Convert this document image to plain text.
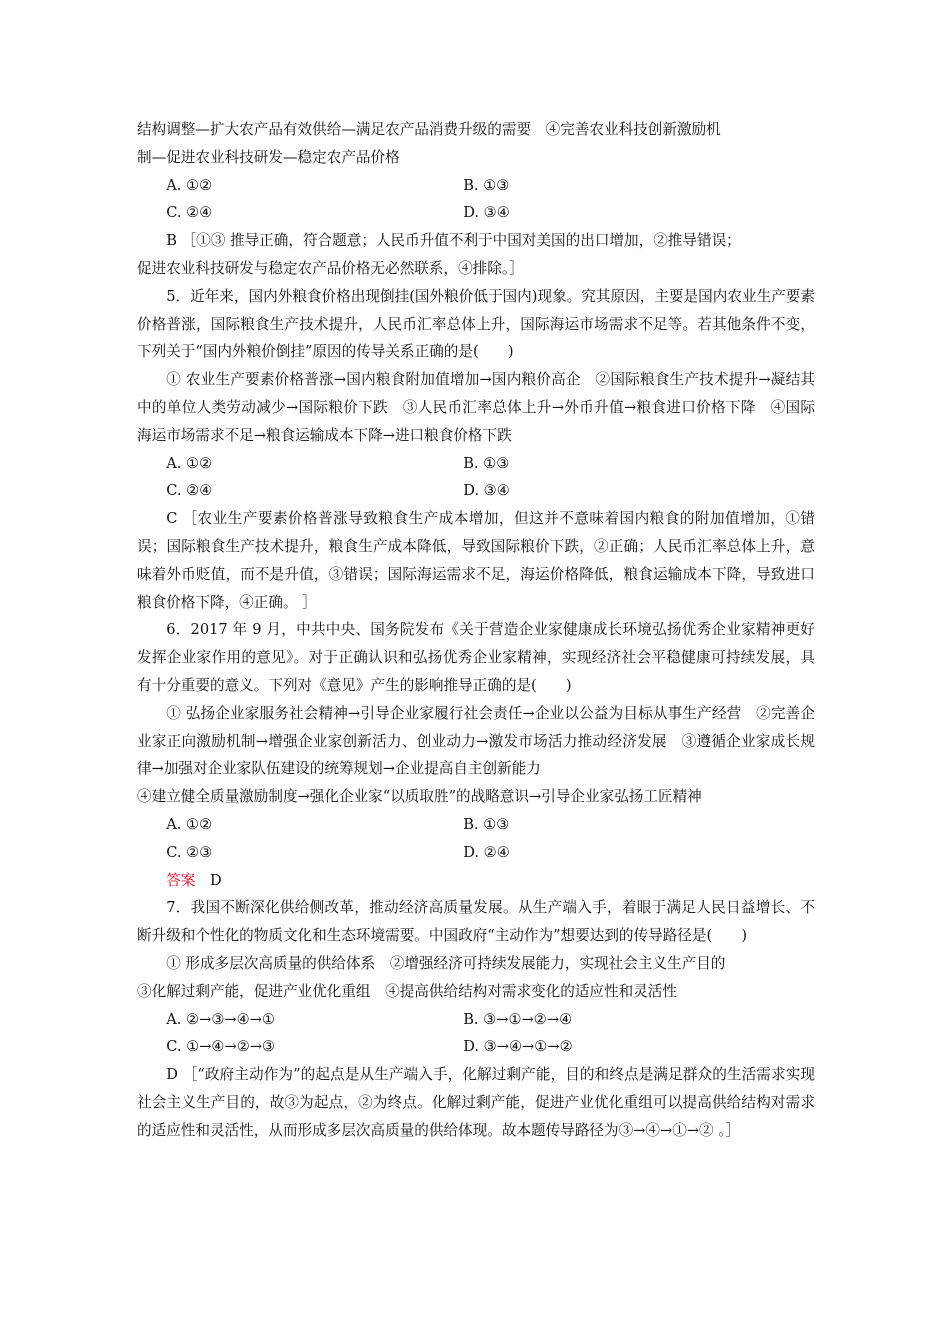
结构调整—扩大农产品有效供给—满足农产品消费升级的需要　④完善农业科技创新激励机

制—促进农业科技研发—稳定农产品价格

A. ①②	B. ①③
C. ②④	D. ③④

B ［①③ 推导正确，符合题意；人民币升值不利于中国对美国的出口增加，②推导错误；

促进农业科技研发与稳定农产品价格无必然联系，④排除。］

5．近年来，国内外粮食价格出现倒挂(国外粮价低于国内)现象。究其原因，主要是国内农业生产要素价格普涨，国际粮食生产技术提升，人民币汇率总体上升，国际海运市场需求不足等。若其他条件不变，下列关于“国内外粮价倒挂”原因的传导关系正确的是(　　)

① 农业生产要素价格普涨→国内粮食附加值增加→国内粮价高企　②国际粮食生产技术提升→凝结其中的单位人类劳动减少→国际粮价下跌　③人民币汇率总体上升→外币升值→粮食进口价格下降　④国际海运市场需求不足→粮食运输成本下降→进口粮食价格下跌

A. ①②	B. ①③
C. ②④	D. ③④

C ［农业生产要素价格普涨导致粮食生产成本增加，但这并不意味着国内粮食的附加值增加，①错误；国际粮食生产技术提升，粮食生产成本降低，导致国际粮价下跌，②正确；人民币汇率总体上升，意味着外币贬值，而不是升值，③错误；国际海运需求不足，海运价格降低，粮食运输成本下降，导致进口粮食价格下降，④正确。 ］

6．2017 年 9 月，中共中央、国务院发布《关于营造企业家健康成长环境弘扬优秀企业家精神更好发挥企业家作用的意见》。对于正确认识和弘扬优秀企业家精神，实现经济社会平稳健康可持续发展，具有十分重要的意义。下列对《意见》产生的影响推导正确的是(　　)

① 弘扬企业家服务社会精神→引导企业家履行社会责任→企业以公益为目标从事生产经营　②完善企业家正向激励机制→增强企业家创新活力、创业动力→激发市场活力推动经济发展　③遵循企业家成长规律→加强对企业家队伍建设的统筹规划→企业提高自主创新能力

④建立健全质量激励制度→强化企业家“以质取胜”的战略意识→引导企业家弘扬工匠精神

A. ①②	B. ①③
C. ②③	D. ②④

答案　 D

7．我国不断深化供给侧改革，推动经济高质量发展。从生产端入手，着眼于满足人民日益增长、不断升级和个性化的物质文化和生态环境需要。中国政府“主动作为”想要达到的传导路径是(　　)

① 形成多层次高质量的供给体系　②增强经济可持续发展能力，实现社会主义生产目的

③化解过剩产能，促进产业优化重组　④提高供给结构对需求变化的适应性和灵活性

A. ②→③→④→①	B. ③→①→②→④
C. ①→④→②→③	D. ③→④→①→②

D ［“政府主动作为”的起点是从生产端入手，化解过剩产能，目的和终点是满足群众的生活需求实现社会主义生产目的，故③为起点，②为终点。化解过剩产能，促进产业优化重组可以提高供给结构对需求的适应性和灵活性，从而形成多层次高质量的供给体现。故本题传导路径为③→④→①→② 。］
